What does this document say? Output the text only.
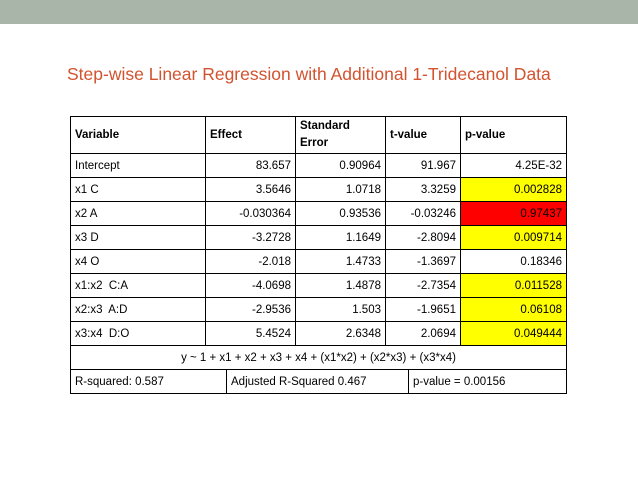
Step-wise Linear Regression with Additional 1-Tridecanol Data
Variable	Effect	Standard Error	t-value	p-value
Intercept	83.657	0.90964	91.967	4.25E-32
x1 C	3.5646	1.0718	3.3259	0.002828
x2 A	-0.030364	0.93536	-0.03246	0.97437
x3 D	-3.2728	1.1649	-2.8094	0.009714
x4 O	-2.018	1.4733	-1.3697	0.18346
x1:x2  C:A	-4.0698	1.4878	-2.7354	0.011528
x2:x3  A:D	-2.9536	1.503	-1.9651	0.06108
x3:x4  D:O	5.4524	2.6348	2.0694	0.049444
y ~ 1 + x1 + x2 + x3 + x4 + (x1*x2) + (x2*x3) + (x3*x4)

R-squared: 0.587	Adjusted R-Squared 0.467	p-value = 0.00156
